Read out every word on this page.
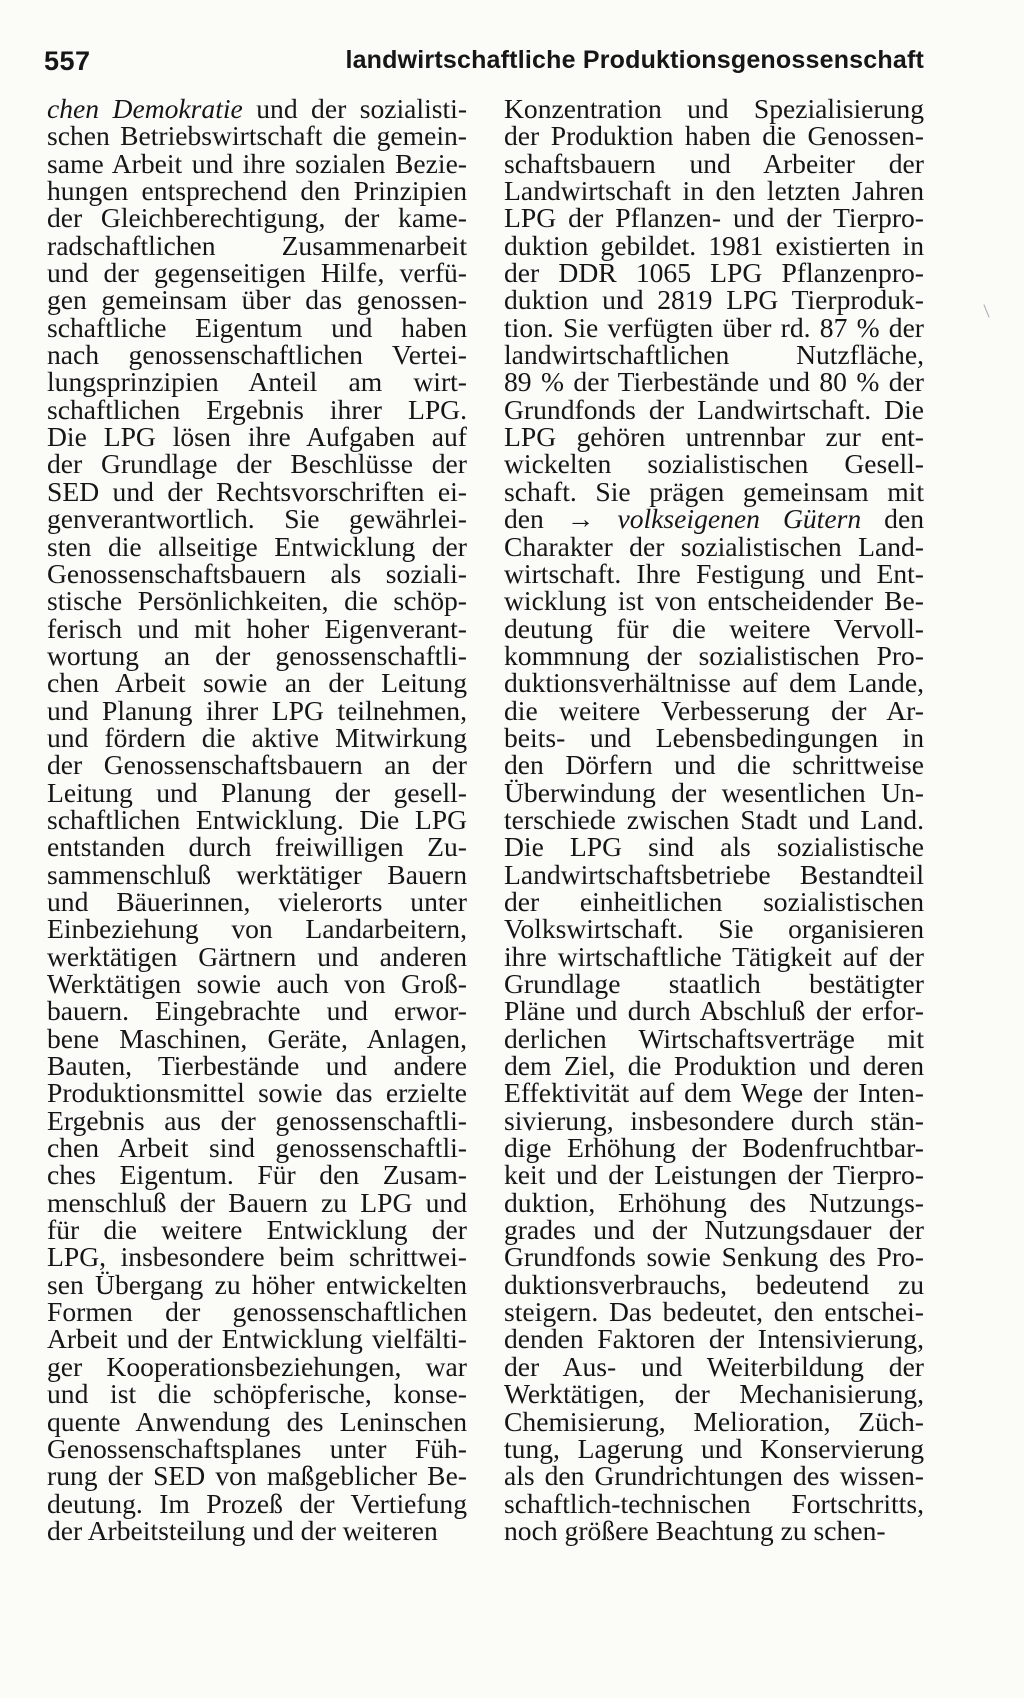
557	landwirtschaftliche Produktionsgenossenschaft
chen Demokratie und der sozialisti-
schen Betriebswirtschaft die gemein-
same Arbeit und ihre sozialen Bezie-
hungen entsprechend den Prinzipien
der Gleichberechtigung, der kame-
radschaftlichen Zusammenarbeit
und der gegenseitigen Hilfe, verfü-
gen gemeinsam über das genossen-
schaftliche Eigentum und haben
nach genossenschaftlichen Vertei-
lungsprinzipien Anteil am wirt-
schaftlichen Ergebnis ihrer LPG.
Die LPG lösen ihre Aufgaben auf
der Grundlage der Beschlüsse der
SED und der Rechtsvorschriften ei-
genverantwortlich. Sie gewährlei-
sten die allseitige Entwicklung der
Genossenschaftsbauern als soziali-
stische Persönlichkeiten, die schöp-
ferisch und mit hoher Eigenverant-
wortung an der genossenschaftli-
chen Arbeit sowie an der Leitung
und Planung ihrer LPG teilnehmen,
und fördern die aktive Mitwirkung
der Genossenschaftsbauern an der
Leitung und Planung der gesell-
schaftlichen Entwicklung. Die LPG
entstanden durch freiwilligen Zu-
sammenschluß werktätiger Bauern
und Bäuerinnen, vielerorts unter
Einbeziehung von Landarbeitern,
werktätigen Gärtnern und anderen
Werktätigen sowie auch von Groß-
bauern. Eingebrachte und erwor-
bene Maschinen, Geräte, Anlagen,
Bauten, Tierbestände und andere
Produktionsmittel sowie das erzielte
Ergebnis aus der genossenschaftli-
chen Arbeit sind genossenschaftli-
ches Eigentum. Für den Zusam-
menschluß der Bauern zu LPG und
für die weitere Entwicklung der
LPG, insbesondere beim schrittwei-
sen Übergang zu höher entwickelten
Formen der genossenschaftlichen
Arbeit und der Entwicklung vielfälti-
ger Kooperationsbeziehungen, war
und ist die schöpferische, konse-
quente Anwendung des Leninschen
Genossenschaftsplanes unter Füh-
rung der SED von maßgeblicher Be-
deutung. Im Prozeß der Vertiefung
der Arbeitsteilung und der weiteren
Konzentration und Spezialisierung
der Produktion haben die Genossen-
schaftsbauern und Arbeiter der
Landwirtschaft in den letzten Jahren
LPG der Pflanzen- und der Tierpro-
duktion gebildet. 1981 existierten in
der DDR 1065 LPG Pflanzenpro-
duktion und 2819 LPG Tierproduk-
tion. Sie verfügten über rd. 87 % der
landwirtschaftlichen Nutzfläche,
89 % der Tierbestände und 80 % der
Grundfonds der Landwirtschaft. Die
LPG gehören untrennbar zur ent-
wickelten sozialistischen Gesell-
schaft. Sie prägen gemeinsam mit
den → volkseigenen Gütern den
Charakter der sozialistischen Land-
wirtschaft. Ihre Festigung und Ent-
wicklung ist von entscheidender Be-
deutung für die weitere Vervoll-
kommnung der sozialistischen Pro-
duktionsverhältnisse auf dem Lande,
die weitere Verbesserung der Ar-
beits- und Lebensbedingungen in
den Dörfern und die schrittweise
Überwindung der wesentlichen Un-
terschiede zwischen Stadt und Land.
Die LPG sind als sozialistische
Landwirtschaftsbetriebe Bestandteil
der einheitlichen sozialistischen
Volkswirtschaft. Sie organisieren
ihre wirtschaftliche Tätigkeit auf der
Grundlage staatlich bestätigter
Pläne und durch Abschluß der erfor-
derlichen Wirtschaftsverträge mit
dem Ziel, die Produktion und deren
Effektivität auf dem Wege der Inten-
sivierung, insbesondere durch stän-
dige Erhöhung der Bodenfruchtbar-
keit und der Leistungen der Tierpro-
duktion, Erhöhung des Nutzungs-
grades und der Nutzungsdauer der
Grundfonds sowie Senkung des Pro-
duktionsverbrauchs, bedeutend zu
steigern. Das bedeutet, den entschei-
denden Faktoren der Intensivierung,
der Aus- und Weiterbildung der
Werktätigen, der Mechanisierung,
Chemisierung, Melioration, Züch-
tung, Lagerung und Konservierung
als den Grundrichtungen des wissen-
schaftlich-technischen Fortschritts,
noch größere Beachtung zu schen-
